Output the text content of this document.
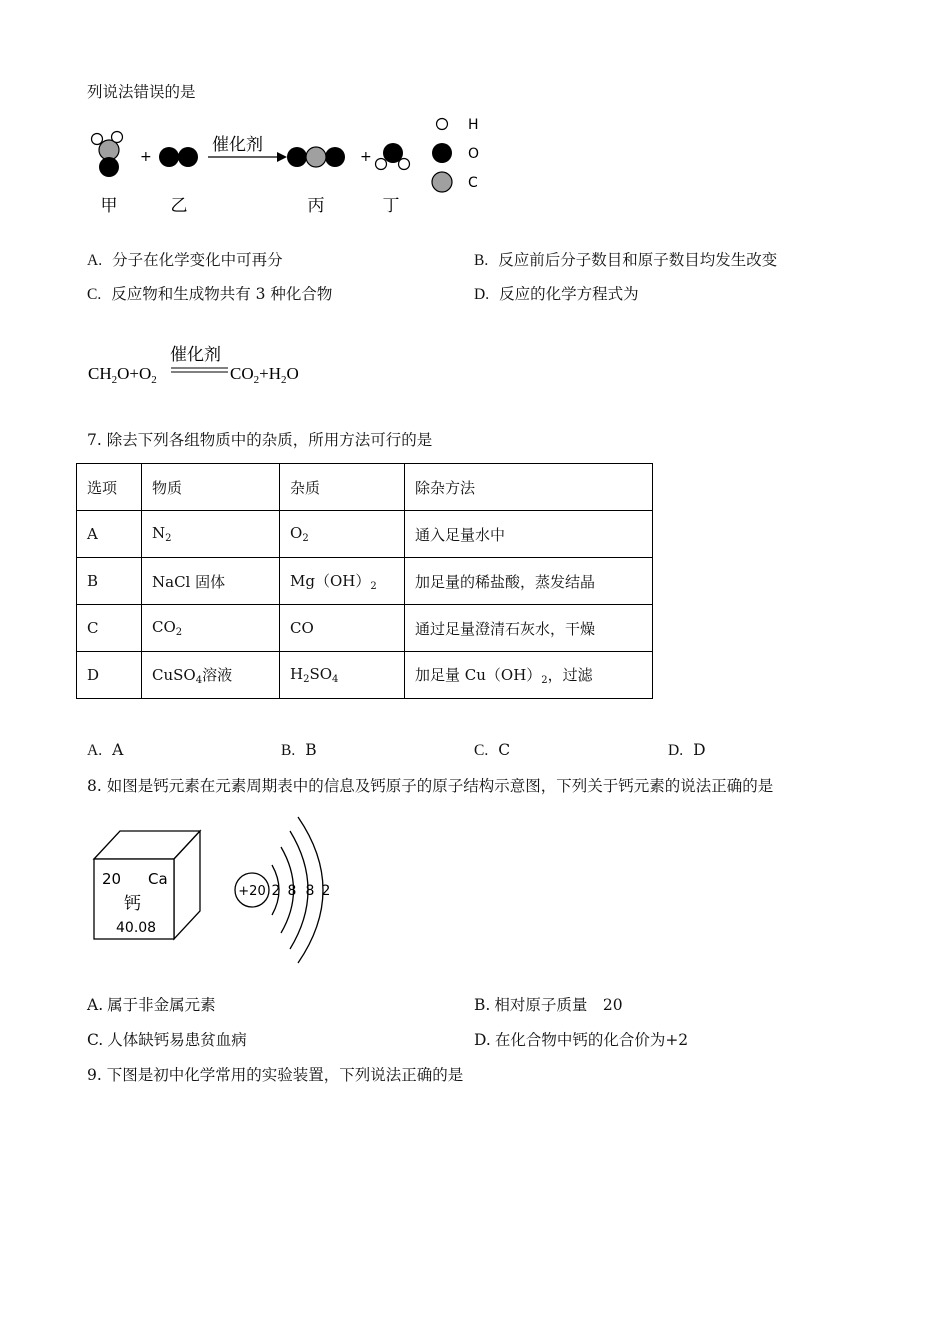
列说法错误的是
+
催化剂
+
甲	乙	丙	丁
H
O
C
A. 分子在化学变化中可再分	B. 反应前后分子数目和原子数目均发生改变
C. 反应物和生成物共有 3 种化合物	D. 反应的化学方程式为
催化剂
$CH_2O+O_2$	$CO_2+H_2O$
7. 除去下列各组物质中的杂质，所用方法可行的是
选项	物质	杂质	除杂方法
A	$N_2$	$O_2$	通入足量水中
B	NaCl 固体	$Mg(OH)_2$	加足量的稀盐酸，蒸发结晶
C	$CO_2$	CO	通过足量澄清石灰水，干燥
D	CuSO$_4$溶液	$H_2SO_4$	加足量 $Cu(OH)_2$，过滤
A. A	B. B	C. C	D. D
8. 如图是钙元素在元素周期表中的信息及钙原子的原子结构示意图，下列关于钙元素的说法正确的是
20 Ca
钙
40.08
+20 2 8 8 2
A. 属于非金属元素	B. 相对原子质量　20
C. 人体缺钙易患贫血病	D. 在化合物中钙的化合价为+2
9. 下图是初中化学常用的实验装置，下列说法正确的是
